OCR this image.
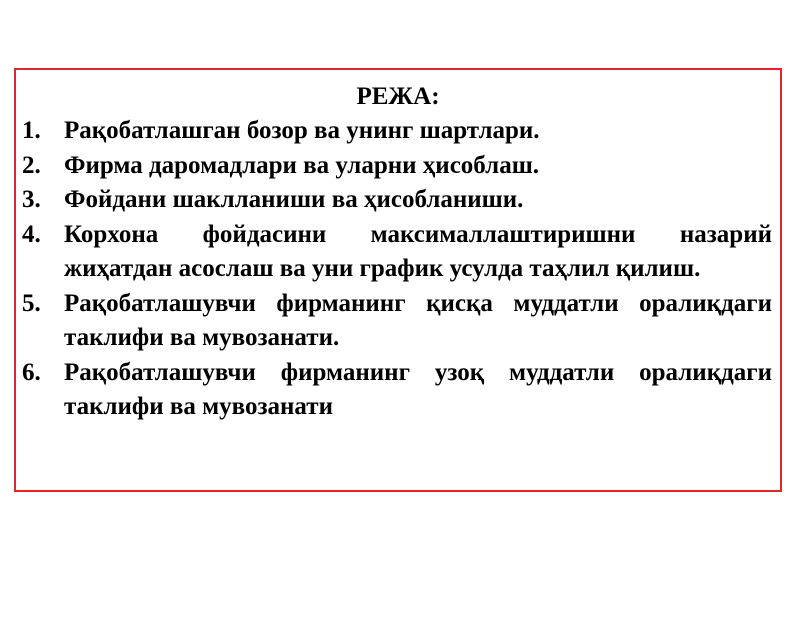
РЕЖА:
1. Рақобатлашган бозор ва унинг шартлари.
2. Фирма даромадлари ва уларни ҳисоблаш.
3. Фойдани шаклланиши ва ҳисобланиши.
4. Корхона фойдасини максималлаштиришни назарий жиҳатдан асослаш ва уни график усулда таҳлил қилиш.
5. Рақобатлашувчи фирманинг қисқа муддатли оралиқдаги таклифи ва мувозанати.
6. Рақобатлашувчи фирманинг узоқ муддатли оралиқдаги таклифи ва мувозанати
